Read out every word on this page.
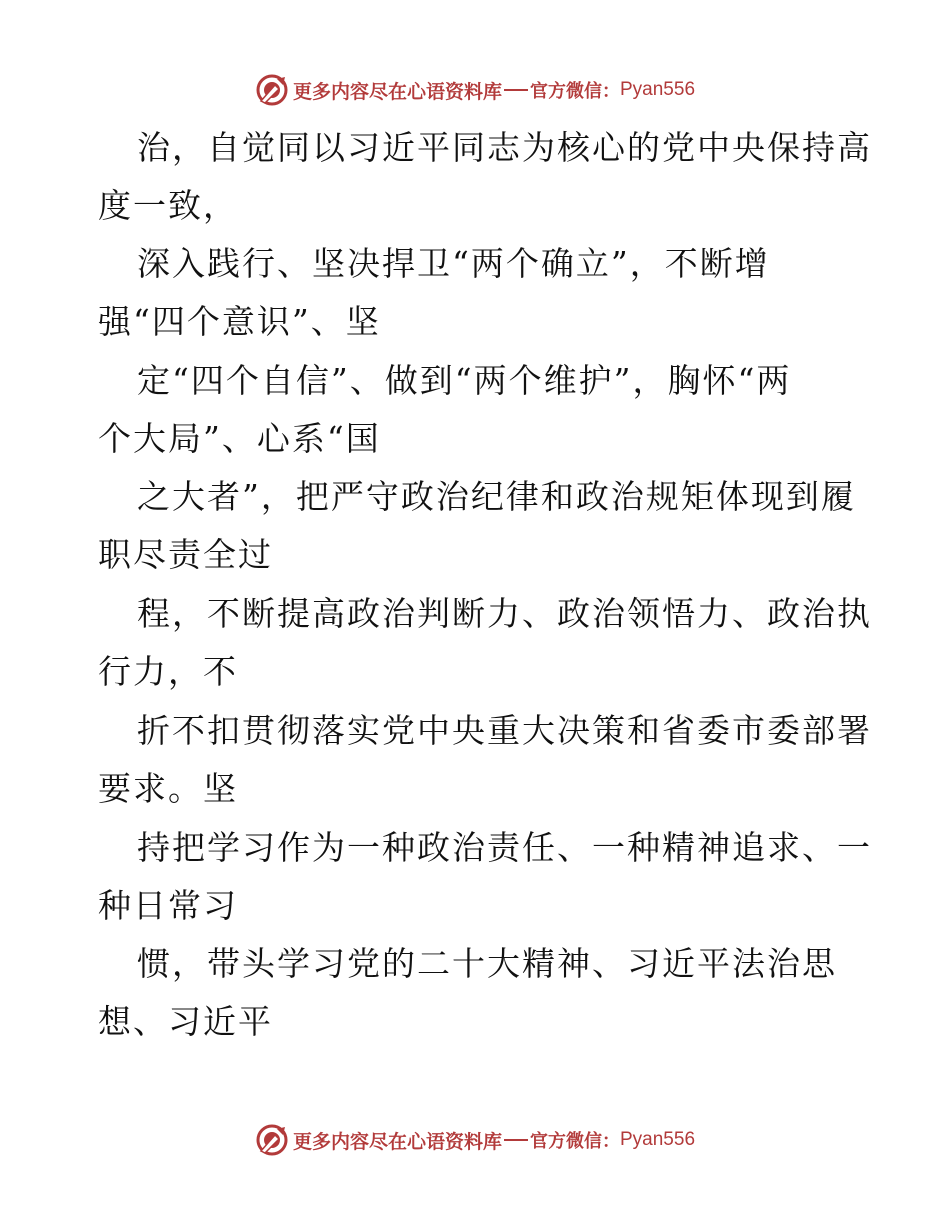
更多内容尽在心语资料库 官方微信： Pyan556
治，自觉同以习近平同志为核心的党中央保持高
度一致，
深入践行、坚决捍卫“两个确立”，不断增
强“四个意识”、坚
定“四个自信”、做到“两个维护”，胸怀“两
个大局”、心系“国
之大者”，把严守政治纪律和政治规矩体现到履
职尽责全过
程，不断提高政治判断力、政治领悟力、政治执
行力，不
折不扣贯彻落实党中央重大决策和省委市委部署
要求。坚
持把学习作为一种政治责任、一种精神追求、一
种日常习
惯，带头学习党的二十大精神、习近平法治思
想、习近平
更多内容尽在心语资料库 官方微信： Pyan556
